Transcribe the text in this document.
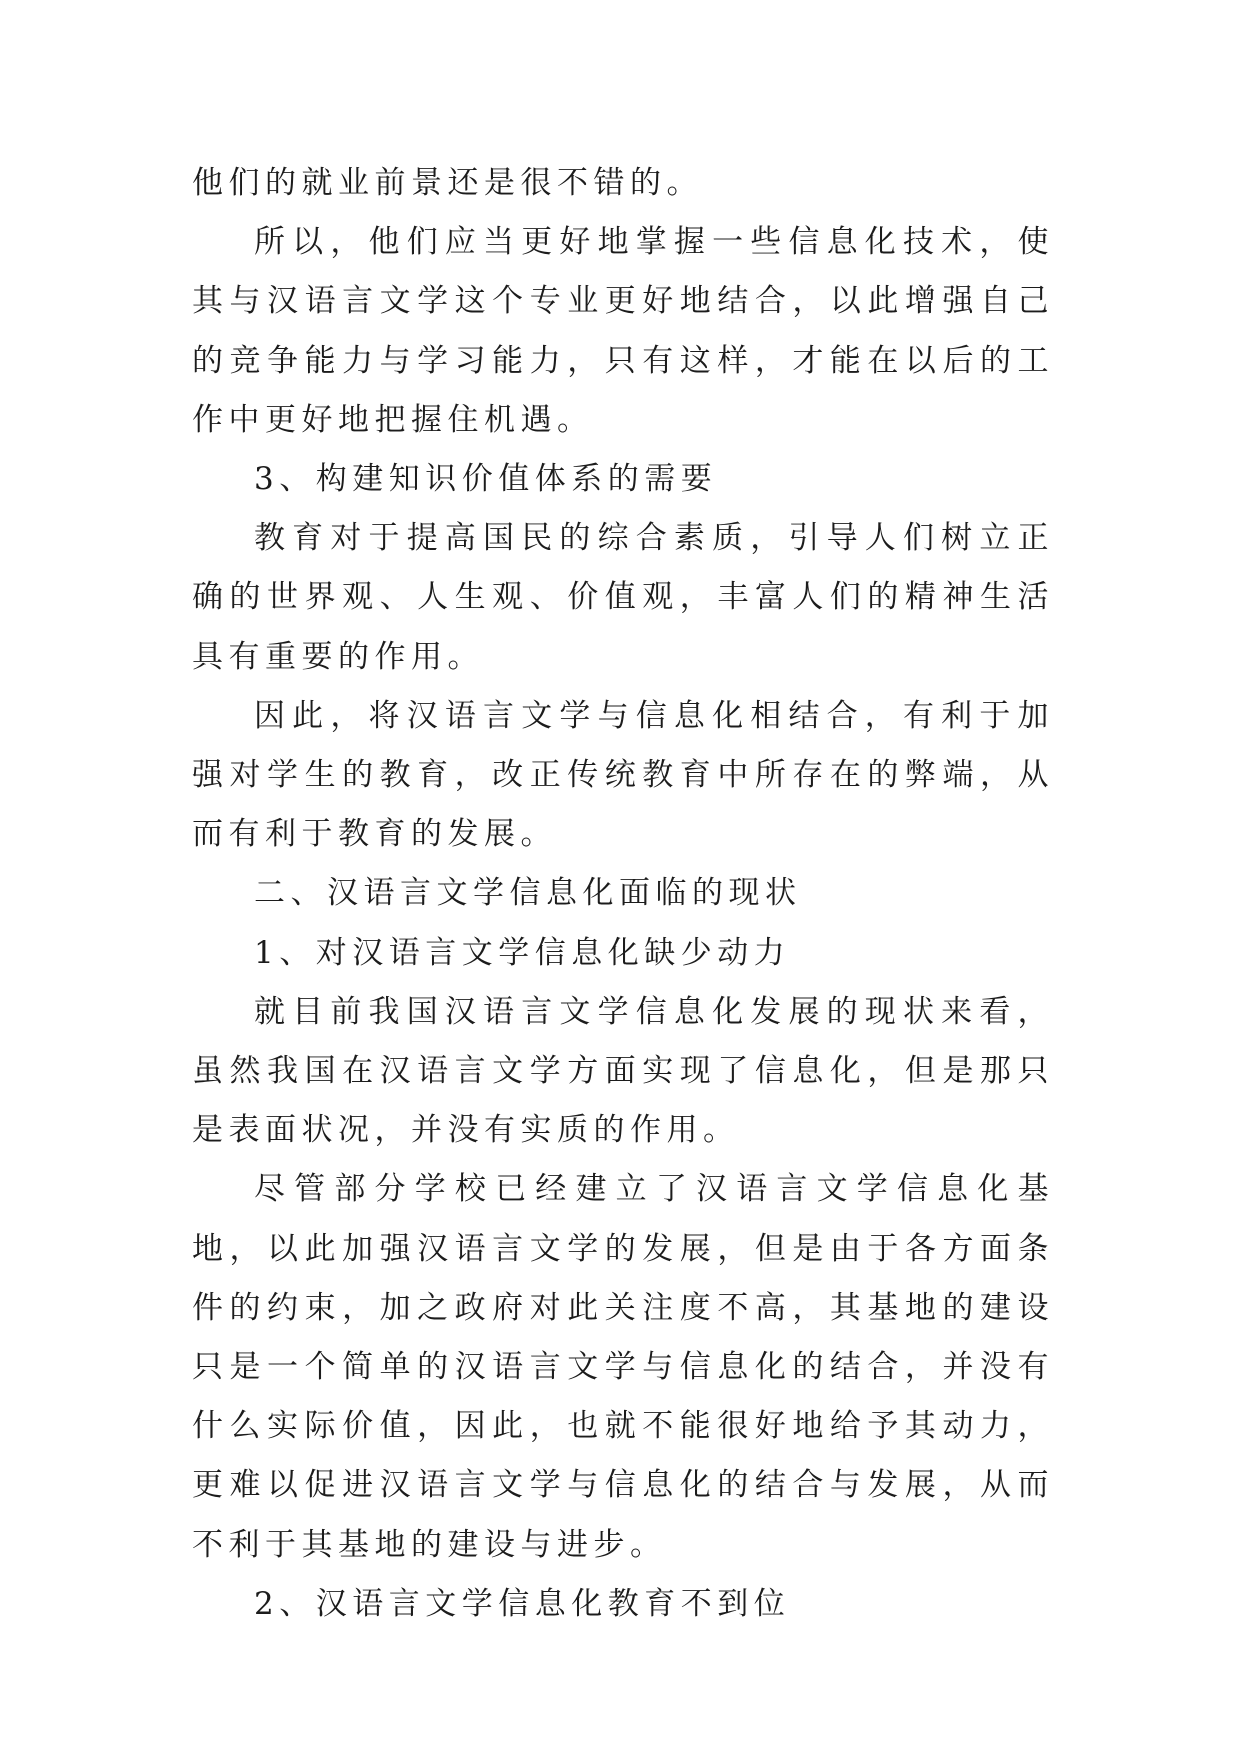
他们的就业前景还是很不错的。

所以，他们应当更好地掌握一些信息化技术，使其与汉语言文学这个专业更好地结合，以此增强自己的竞争能力与学习能力，只有这样，才能在以后的工作中更好地把握住机遇。

3、构建知识价值体系的需要

教育对于提高国民的综合素质，引导人们树立正确的世界观、人生观、价值观，丰富人们的精神生活具有重要的作用。

因此，将汉语言文学与信息化相结合，有利于加强对学生的教育，改正传统教育中所存在的弊端，从而有利于教育的发展。

二、汉语言文学信息化面临的现状

1、对汉语言文学信息化缺少动力

就目前我国汉语言文学信息化发展的现状来看，虽然我国在汉语言文学方面实现了信息化，但是那只是表面状况，并没有实质的作用。

尽管部分学校已经建立了汉语言文学信息化基地，以此加强汉语言文学的发展，但是由于各方面条件的约束，加之政府对此关注度不高，其基地的建设只是一个简单的汉语言文学与信息化的结合，并没有什么实际价值，因此，也就不能很好地给予其动力，更难以促进汉语言文学与信息化的结合与发展，从而不利于其基地的建设与进步。

2、汉语言文学信息化教育不到位
